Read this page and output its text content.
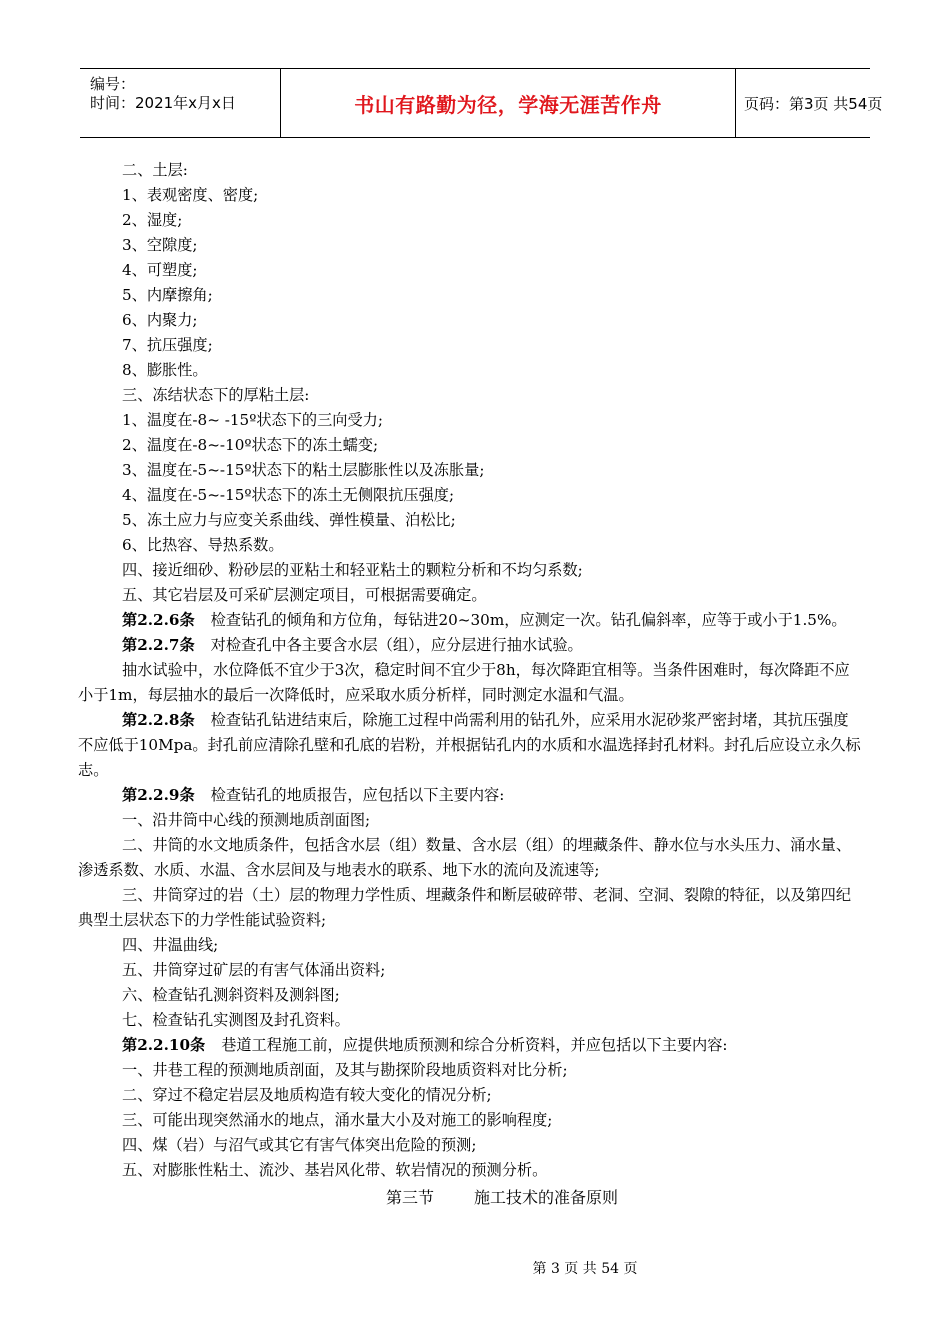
编号：
时间：2021年x月x日	书山有路勤为径，学海无涯苦作舟	页码：第3页 共54页
二、土层:
1、表观密度、密度;
2、湿度;
3、空隙度;
4、可塑度;
5、内摩擦角;
6、内聚力;
7、抗压强度;
8、膨胀性。
三、冻结状态下的厚粘土层:
1、温度在-8~ -15º状态下的三向受力;
2、温度在-8~-10º状态下的冻土蠕变;
3、温度在-5~-15º状态下的粘土层膨胀性以及冻胀量;
4、温度在-5~-15º状态下的冻土无侧限抗压强度;
5、冻土应力与应变关系曲线、弹性模量、泊松比;
6、比热容、导热系数。
四、接近细砂、粉砂层的亚粘土和轻亚粘土的颗粒分析和不均匀系数;
五、其它岩层及可采矿层测定项目，可根据需要确定。
第2.2.6条 检查钻孔的倾角和方位角，每钻进20~30m，应测定一次。钻孔偏斜率，应等于或小于1.5%。
第2.2.7条 对检查孔中各主要含水层（组），应分层进行抽水试验。
抽水试验中，水位降低不宜少于3次，稳定时间不宜少于8h，每次降距宜相等。当条件困难时，每次降距不应小于1m，每层抽水的最后一次降低时，应采取水质分析样，同时测定水温和气温。
第2.2.8条 检查钻孔钻进结束后，除施工过程中尚需利用的钻孔外，应采用水泥砂浆严密封堵，其抗压强度不应低于10Mpa。封孔前应清除孔壁和孔底的岩粉，并根据钻孔内的水质和水温选择封孔材料。封孔后应设立永久标志。
第2.2.9条 检查钻孔的地质报告，应包括以下主要内容:
一、沿井筒中心线的预测地质剖面图;
二、井筒的水文地质条件，包括含水层（组）数量、含水层（组）的埋藏条件、静水位与水头压力、涌水量、渗透系数、水质、水温、含水层间及与地表水的联系、地下水的流向及流速等;
三、井筒穿过的岩（土）层的物理力学性质、埋藏条件和断层破碎带、老洞、空洞、裂隙的特征，以及第四纪典型土层状态下的力学性能试验资料;
四、井温曲线;
五、井筒穿过矿层的有害气体涌出资料;
六、检查钻孔测斜资料及测斜图;
七、检查钻孔实测图及封孔资料。
第2.2.10条 巷道工程施工前，应提供地质预测和综合分析资料，并应包括以下主要内容:
一、井巷工程的预测地质剖面，及其与勘探阶段地质资料对比分析;
二、穿过不稳定岩层及地质构造有较大变化的情况分析;
三、可能出现突然涌水的地点，涌水量大小及对施工的影响程度;
四、煤（岩）与沼气或其它有害气体突出危险的预测;
五、对膨胀性粘土、流沙、基岩风化带、软岩情况的预测分析。
第三节	施工技术的准备原则
第 3 页 共 54 页
